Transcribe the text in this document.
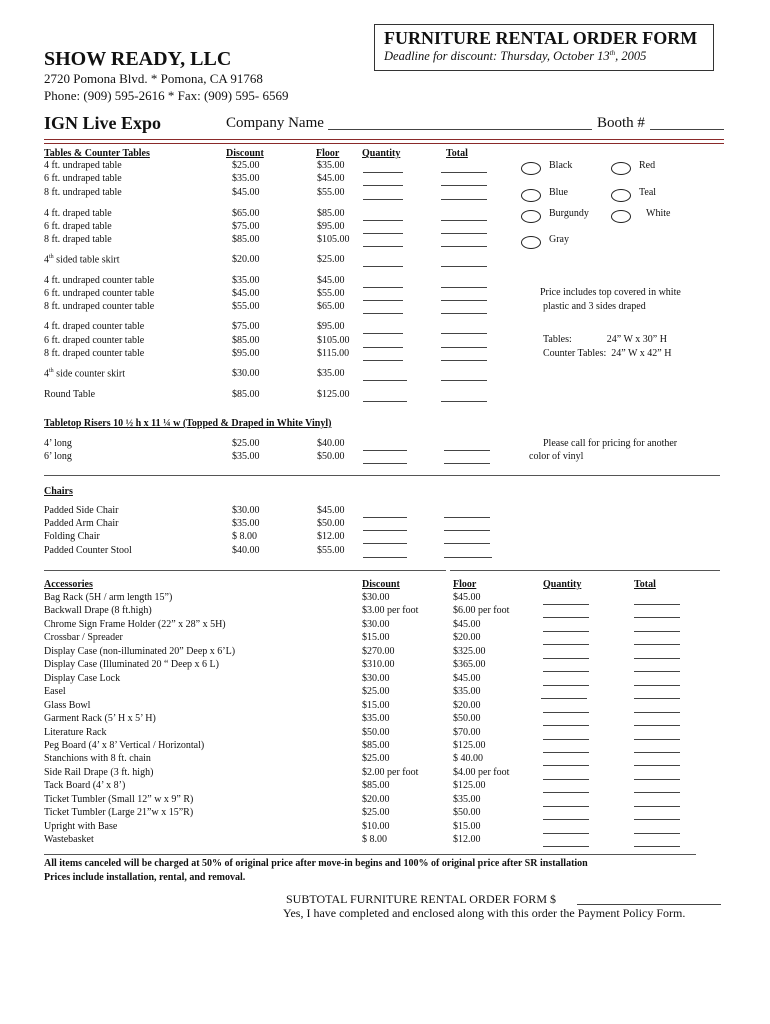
FURNITURE RENTAL ORDER FORM
Deadline for discount: Thursday, October 13th, 2005
SHOW READY, LLC
2720 Pomona Blvd. * Pomona, CA 91768
Phone: (909) 595-2616 * Fax: (909) 595- 6569
IGN Live Expo	Company Name	Booth #
Tables & Counter Tables	Discount	Floor Quantity	Total
4 ft. undraped table	$25.00	$35.00
6 ft. undraped table	$35.00	$45.00
8 ft. undraped table	$45.00	$55.00
4 ft. draped table	$65.00	$85.00
6 ft. draped table	$75.00	$95.00
8 ft. draped table	$85.00	$105.00
4th sided table skirt	$20.00	$25.00
4 ft. undraped counter table	$35.00	$45.00
6 ft. undraped counter table	$45.00	$55.00
8 ft. undraped counter table	$55.00	$65.00
4 ft. draped counter table	$75.00	$95.00
6 ft. draped counter table	$85.00	$105.00
8 ft. draped counter table	$95.00	$115.00
4th side counter skirt	$30.00	$35.00
Round Table	$85.00	$125.00
Black	Red
Blue	Teal
Burgundy	White
Gray
Price includes top covered in white
plastic and 3 sides draped
Tables:              24” W x 30” H
Counter Tables:  24” W x 42” H
Tabletop Risers 10 ½ h x 11 ¼ w (Topped & Draped in White Vinyl)
4’ long	$25.00	$40.00
6’ long	$35.00	$50.00
Please call for pricing for another
color of vinyl
Chairs
Padded Side Chair	$30.00	$45.00
Padded Arm Chair	$35.00	$50.00
Folding Chair	$ 8.00	$12.00
Padded Counter Stool	$40.00	$55.00
Accessories	Discount	Floor	Quantity	Total
Bag Rack (5H / arm length 15”)	$30.00	$45.00
Backwall Drape (8 ft.high)	$3.00 per foot	$6.00 per foot
Chrome Sign Frame Holder (22” x 28” x 5H)	$30.00	$45.00
Crossbar / Spreader	$15.00	$20.00
Display Case (non-illuminated 20” Deep x 6’L)	$270.00	$325.00
Display Case (Illuminated 20 “ Deep x 6 L)	$310.00	$365.00
Display Case Lock	$30.00	$45.00
Easel	$25.00	$35.00
Glass Bowl	$15.00	$20.00
Garment Rack (5’ H x 5’ H)	$35.00	$50.00
Literature Rack	$50.00	$70.00
Peg Board (4’ x 8’ Vertical / Horizontal)	$85.00	$125.00
Stanchions with 8 ft. chain	$25.00	$ 40.00
Side Rail Drape (3 ft. high)	$2.00 per foot	$4.00 per foot
Tack Board (4’ x 8’)	$85.00	$125.00
Ticket Tumbler (Small 12” w x 9” R)	$20.00	$35.00
Ticket Tumbler (Large 21”w x 15”R)	$25.00	$50.00
Upright with Base	$10.00	$15.00
Wastebasket	$ 8.00	$12.00
All items canceled will be charged at 50% of original price after move-in begins and 100% of original price after SR installation
Prices include installation, rental, and removal.
SUBTOTAL FURNITURE RENTAL ORDER FORM $
Yes, I have completed and enclosed along with this order the Payment Policy Form.
